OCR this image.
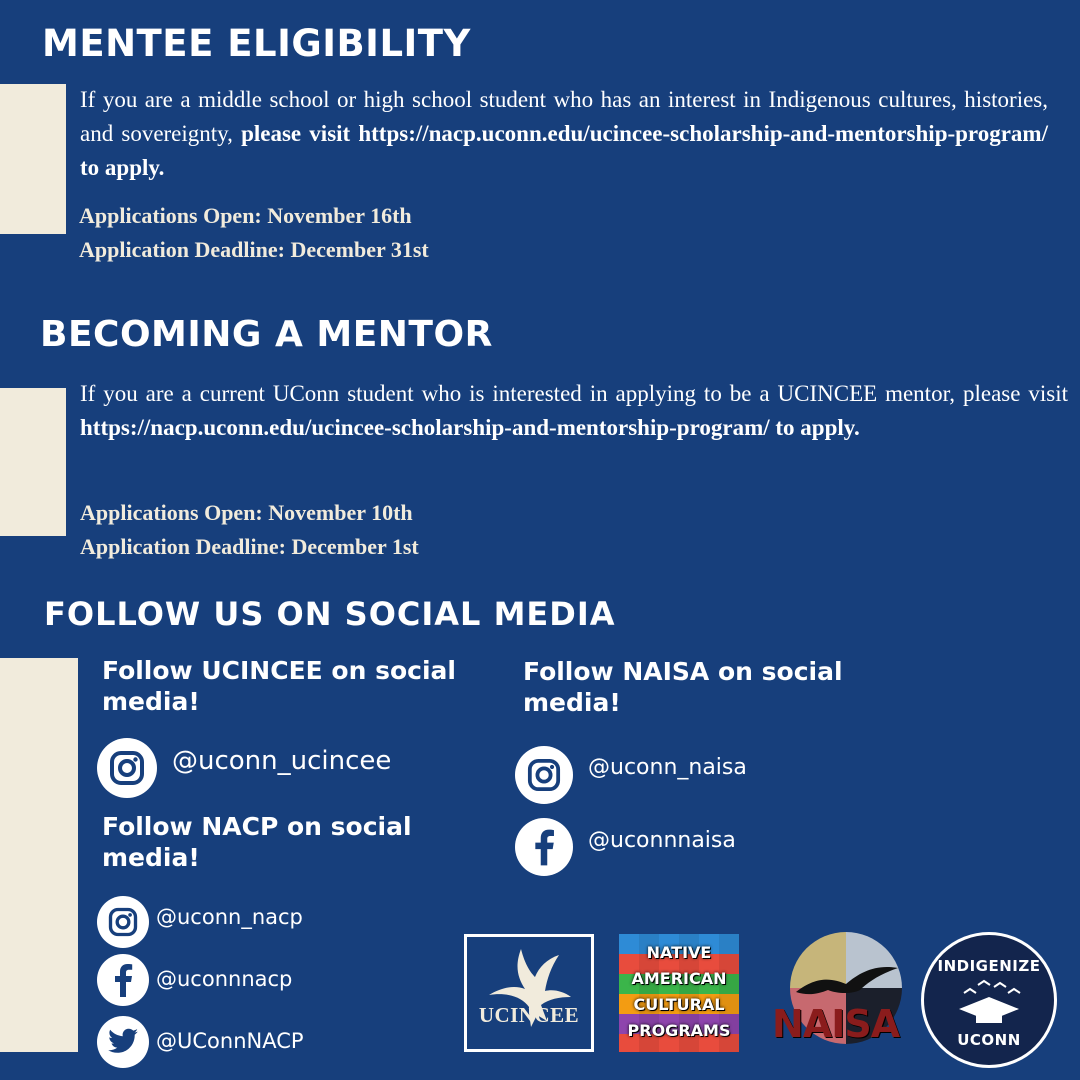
MENTEE ELIGIBILITY
If you are a middle school or high school student who has an interest in Indigenous cultures, histories, and sovereignty, please visit https://nacp.uconn.edu/ucincee-scholarship-and-mentorship-program/ to apply.
Applications Open: November 16th
Application Deadline: December 31st
BECOMING A MENTOR
If you are a current UConn student who is interested in applying to be a UCINCEE mentor, please visit https://nacp.uconn.edu/ucincee-scholarship-and-mentorship-program/ to apply.
Applications Open: November 10th
Application Deadline: December 1st
FOLLOW US ON SOCIAL MEDIA
Follow UCINCEE on social media!
@uconn_ucincee
Follow NACP on social media!
@uconn_nacp
@uconnnacp
@UConnNACP
Follow NAISA on social media!
@uconn_naisa
@uconnnaisa
UCINCEE
NATIVE
AMERICAN
CULTURAL
PROGRAMS NAISA
INDIGENIZE
UCONN
